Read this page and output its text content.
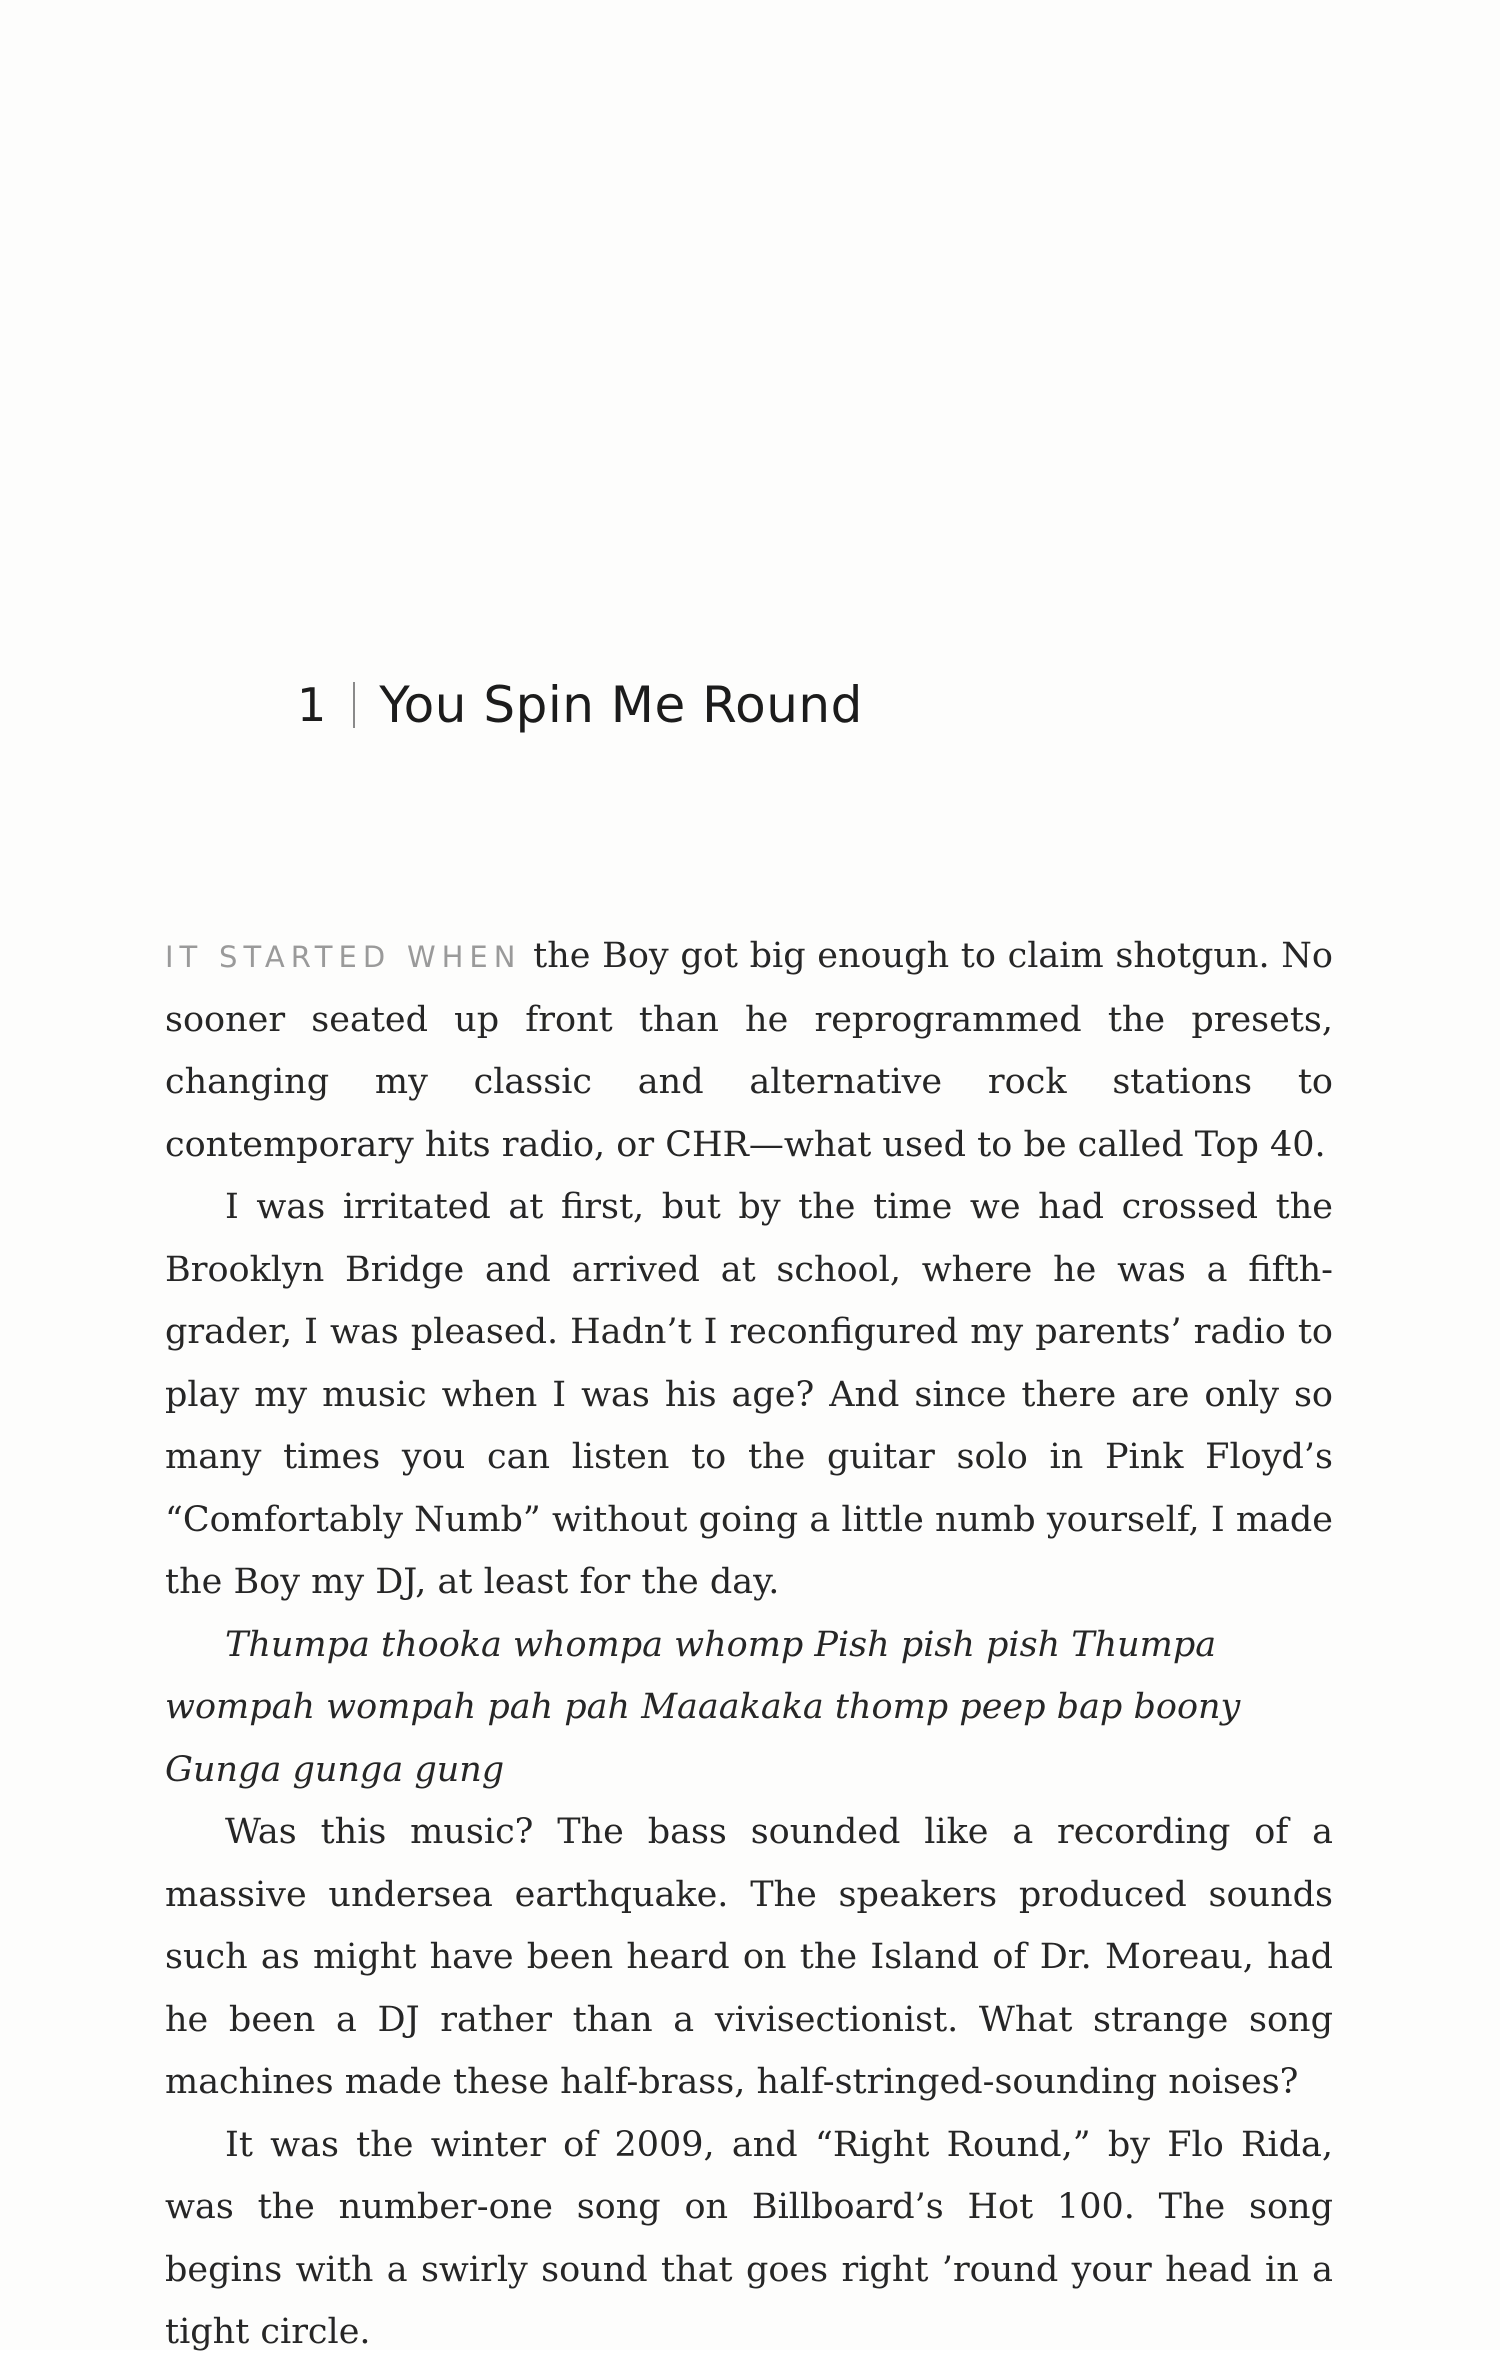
1 You Spin Me Round

IT STARTED WHEN the Boy got big enough to claim shotgun. No sooner seated up front than he reprogrammed the presets, changing my classic and alternative rock stations to contemporary hits radio, or CHR—what used to be called Top 40.

I was irritated at first, but by the time we had crossed the Brooklyn Bridge and arrived at school, where he was a fifth-grader, I was pleased. Hadn’t I reconfigured my parents’ radio to play my music when I was his age? And since there are only so many times you can listen to the guitar solo in Pink Floyd’s “Comfortably Numb” without going a little numb yourself, I made the Boy my DJ, at least for the day.

Thumpa thooka whompa whomp Pish pish pish Thumpa wompah wompah pah pah Maaakaka thomp peep bap boony Gunga gunga gung

Was this music? The bass sounded like a recording of a massive undersea earthquake. The speakers produced sounds such as might have been heard on the Island of Dr. Moreau, had he been a DJ rather than a vivisectionist. What strange song machines made these half-brass, half-stringed-sounding noises?

It was the winter of 2009, and “Right Round,” by Flo Rida, was the number-one song on Billboard’s Hot 100. The song begins with a swirly sound that goes right ’round your head in a tight circle.
